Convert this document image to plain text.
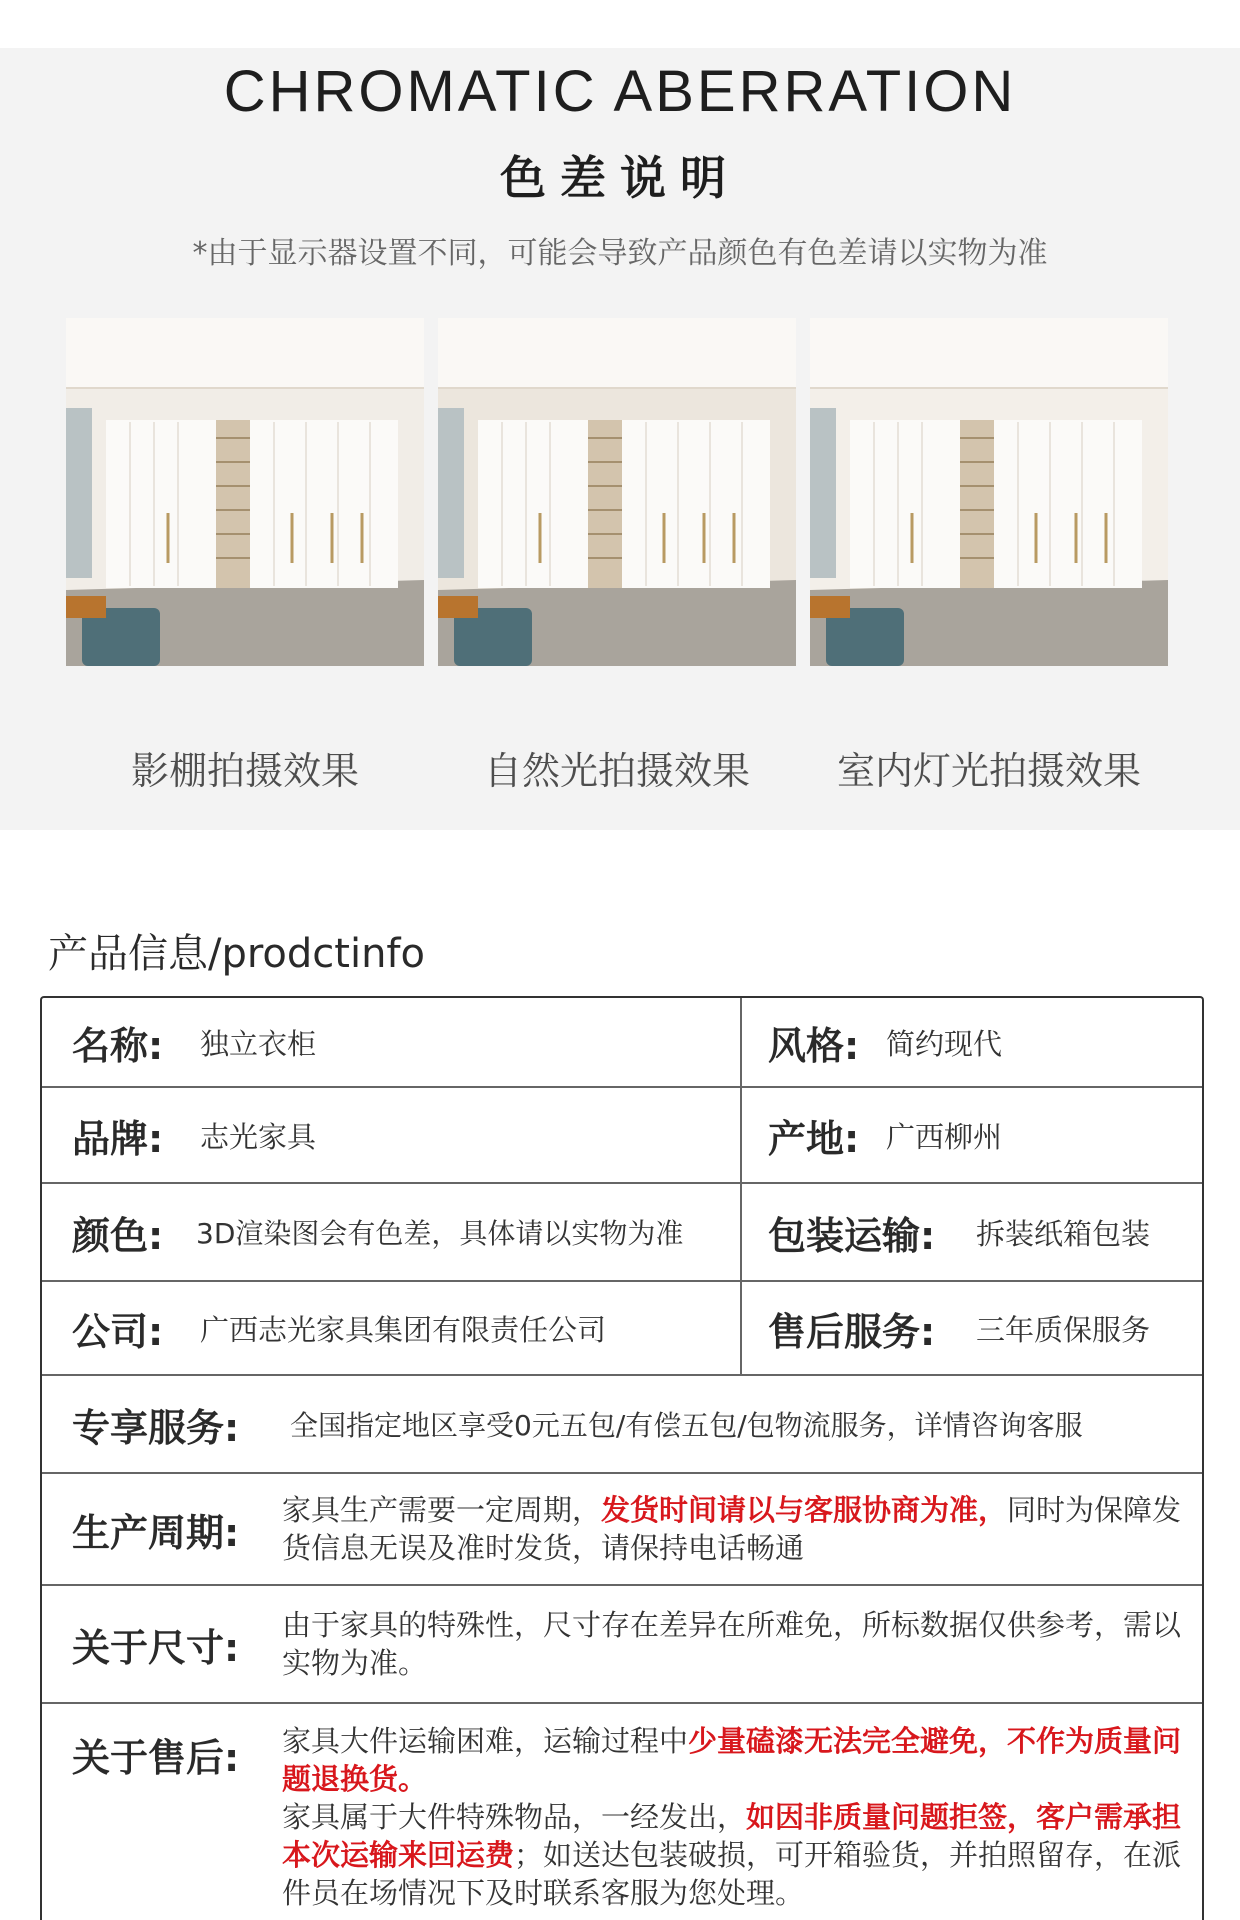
CHROMATIC ABERRATION
色差说明
*由于显示器设置不同，可能会导致产品颜色有色差请以实物为准
影棚拍摄效果	自然光拍摄效果	室内灯光拍摄效果
产品信息/prodctinfo
名称: 独立衣柜	风格: 简约现代
品牌: 志光家具	产地: 广西柳州
颜色: 3D渲染图会有色差，具体请以实物为准 包装运输: 拆装纸箱包装
公司: 广西志光家具集团有限责任公司	售后服务: 三年质保服务
专享服务: 全国指定地区享受0元五包/有偿五包/包物流服务，详情咨询客服
生产周期:

家具生产需要一定周期，发货时间请以与客服协商为准，同时为保障发货信息无误及准时发货，请保持电话畅通

关于尺寸:

由于家具的特殊性，尺寸存在差异在所难免，所标数据仅供参考，需以实物为准。

关于售后: 家具大件运输困难，运输过程中少量磕漆无法完全避免，不作为质量问题退换货。
家具属于大件特殊物品，一经发出，如因非质量问题拒签，客户需承担本次运输来回运费；如送达包装破损，可开箱验货，并拍照留存，在派件员在场情况下及时联系客服为您处理。
